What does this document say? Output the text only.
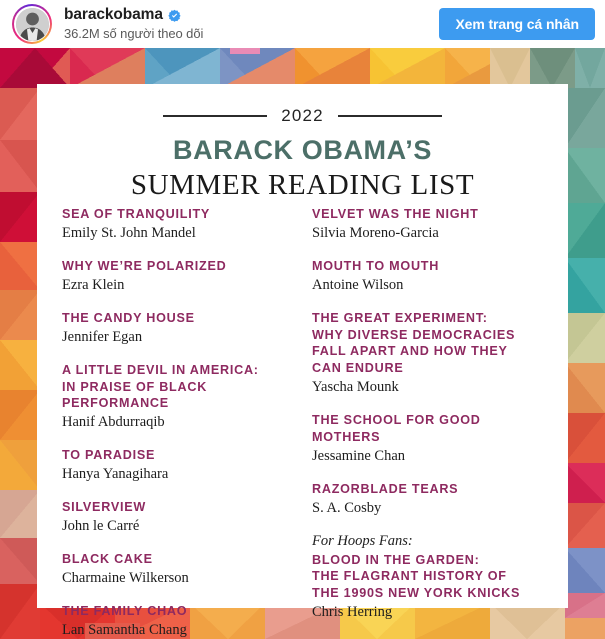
barackobama
36.2M số người theo dõi
Xem trang cá nhân
2022
BARACK OBAMA’S
SUMMER READING LIST
SEA OF TRANQUILITY
Emily St. John Mandel
WHY WE’RE POLARIZED
Ezra Klein
THE CANDY HOUSE
Jennifer Egan
A LITTLE DEVIL IN AMERICA:
IN PRAISE OF BLACK PERFORMANCE
Hanif Abdurraqib
TO PARADISE
Hanya Yanagihara
SILVERVIEW
John le Carré
BLACK CAKE
Charmaine Wilkerson
THE FAMILY CHAO
Lan Samantha Chang
VELVET WAS THE NIGHT
Silvia Moreno-Garcia
MOUTH TO MOUTH
Antoine Wilson
THE GREAT EXPERIMENT:
WHY DIVERSE DEMOCRACIES
FALL APART AND HOW THEY
CAN ENDURE
Yascha Mounk
THE SCHOOL FOR GOOD
MOTHERS
Jessamine Chan
RAZORBLADE TEARS
S. A. Cosby
For Hoops Fans:
BLOOD IN THE GARDEN:
THE FLAGRANT HISTORY OF
THE 1990S NEW YORK KNICKS
Chris Herring
